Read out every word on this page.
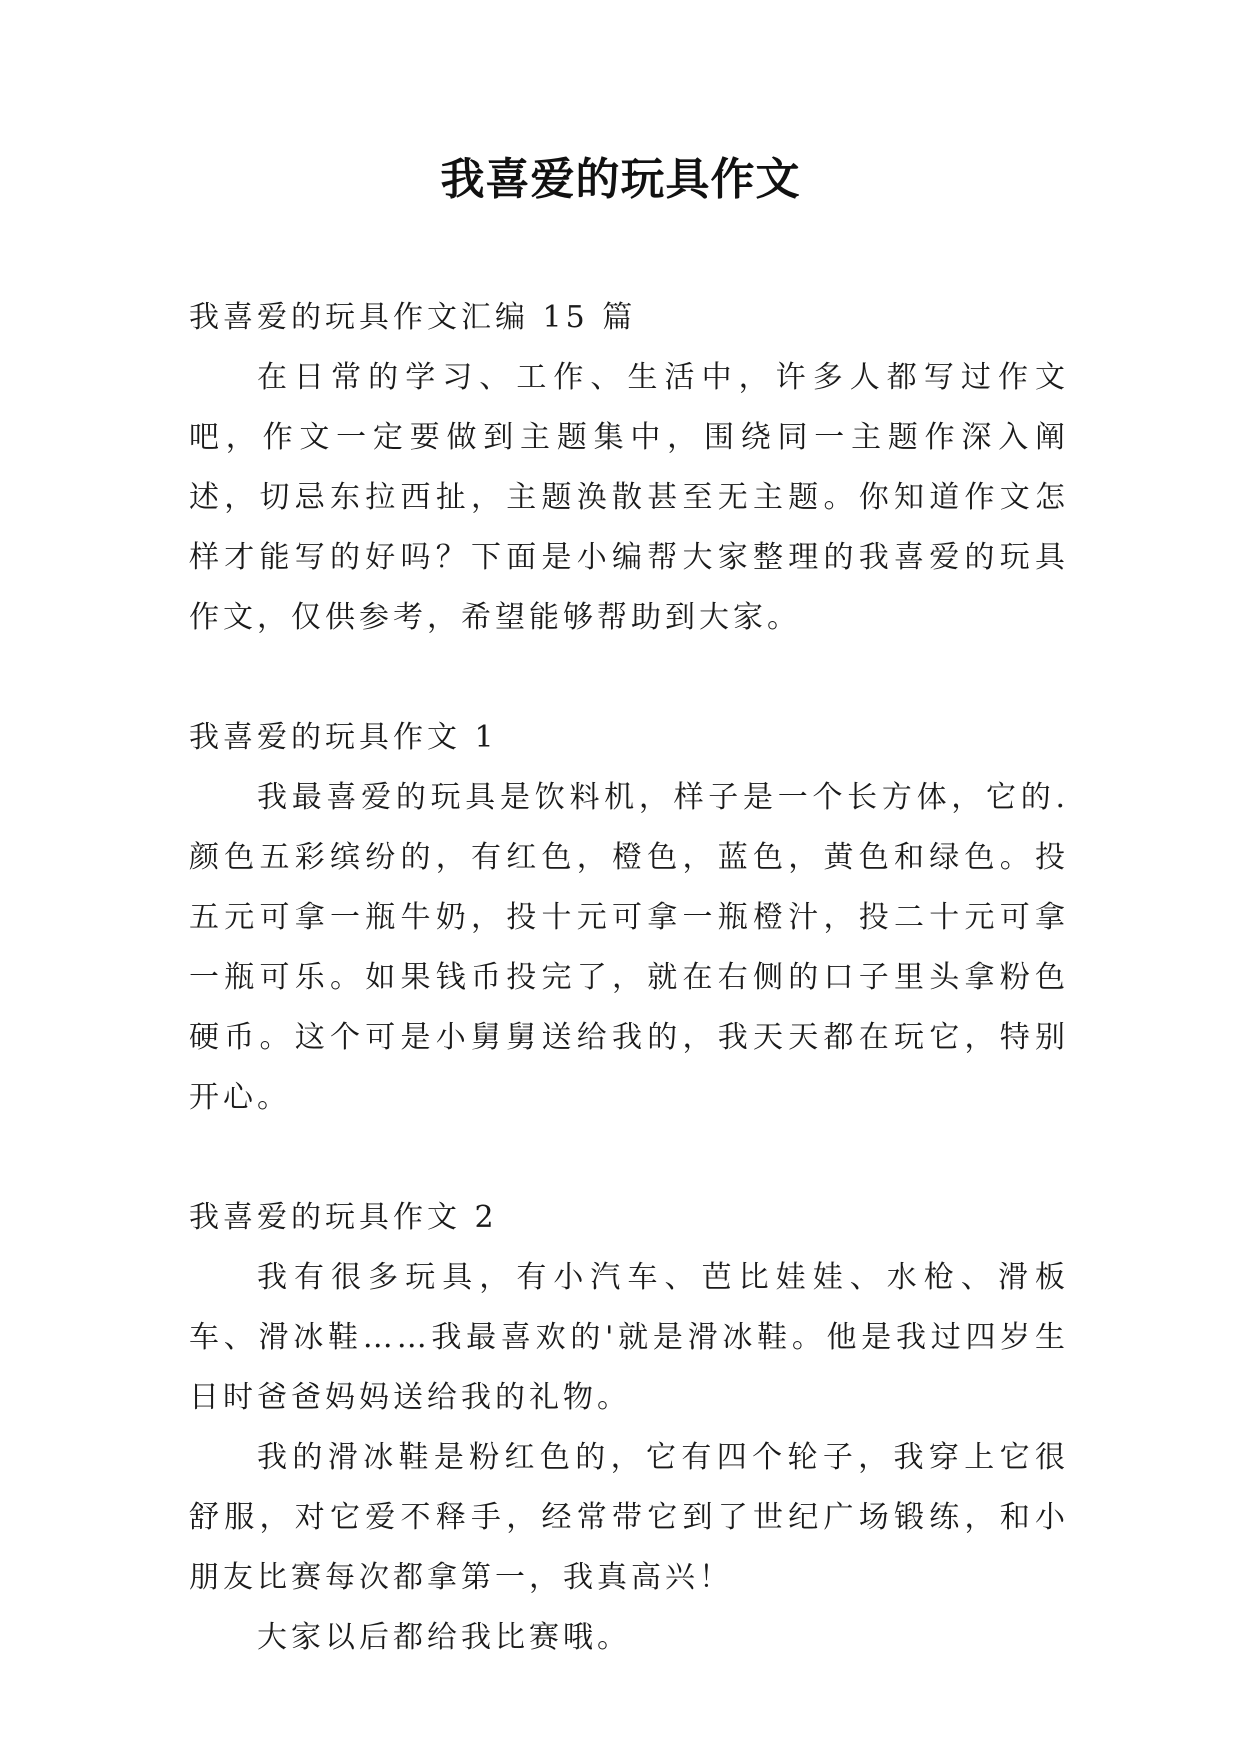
我喜爱的玩具作文

我喜爱的玩具作文汇编 15 篇

在日常的学习、工作、生活中，许多人都写过作文吧，作文一定要做到主题集中，围绕同一主题作深入阐述，切忌东拉西扯，主题涣散甚至无主题。你知道作文怎样才能写的好吗？下面是小编帮大家整理的我喜爱的玩具作文，仅供参考，希望能够帮助到大家。

我喜爱的玩具作文 1

我最喜爱的玩具是饮料机，样子是一个长方体，它的.颜色五彩缤纷的，有红色，橙色，蓝色，黄色和绿色。投五元可拿一瓶牛奶，投十元可拿一瓶橙汁，投二十元可拿一瓶可乐。如果钱币投完了，就在右侧的口子里头拿粉色硬币。这个可是小舅舅送给我的，我天天都在玩它，特别开心。

我喜爱的玩具作文 2

我有很多玩具，有小汽车、芭比娃娃、水枪、滑板车、滑冰鞋……我最喜欢的'就是滑冰鞋。他是我过四岁生日时爸爸妈妈送给我的礼物。

我的滑冰鞋是粉红色的，它有四个轮子，我穿上它很舒服，对它爱不释手，经常带它到了世纪广场锻练，和小朋友比赛每次都拿第一，我真高兴！

大家以后都给我比赛哦。
